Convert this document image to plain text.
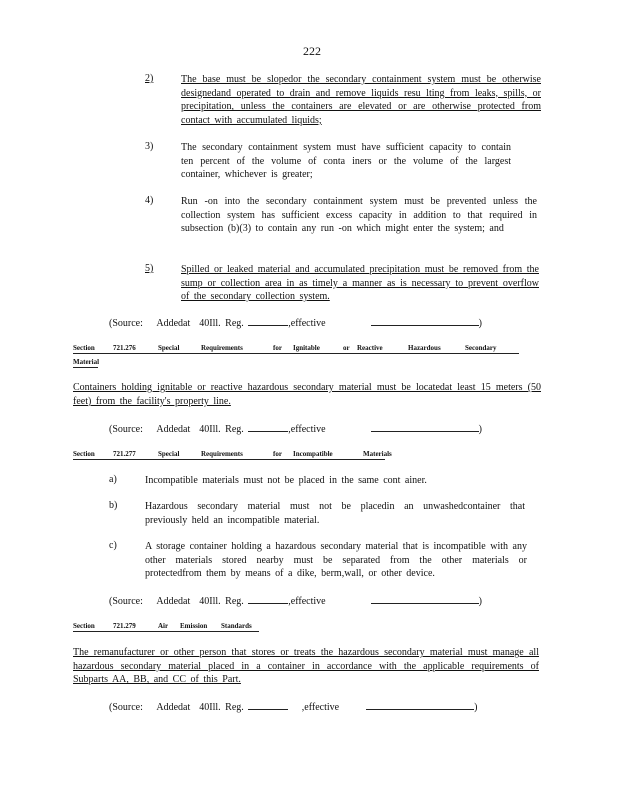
222
2)	The base must be slopedor the secondary containment system must be otherwise designedand operated to drain and remove liquids resu lting from leaks, spills, or precipitation, unless the containers are elevated or are otherwise protected from contact with accumulated liquids;
3)	The secondary containment system must have sufficient capacity to contain ten percent of the volume of conta iners or the volume of the largest container, whichever is greater;
4)	Run -on into the secondary containment system must be prevented unless the collection system has sufficient excess capacity in addition to that required in subsection (b)(3) to contain any run -on which might enter the system; and
5)	Spilled or leaked material and accumulated precipitation must be removed from the sump or collection area in as timely a manner as is necessary to prevent overflow of the secondary collection system.
(Source: Addedat 40Ill. Reg.	,effective	)
Section	721.276	Special	Requirements	for Ignitable	or Reactive	Hazardous	Secondary
Material
Containers holding ignitable or reactive hazardous secondary material must be locatedat least 15 meters (50 feet) from the facility's property line.
(Source: Addedat 40Ill. Reg.	,effective	)
Section	721.277	Special	Requirements	for Incompatible	Materials
a)	Incompatible materials must not be placed in the same cont ainer.
b)	Hazardous secondary material must not be placedin an unwashedcontainer that previously held an incompatible material.
c)	A storage container holding a hazardous secondary material that is incompatible with any other materials stored nearby must be separated from the other materials or protectedfrom them by means of a dike, berm,wall, or other device.
(Source: Addedat 40Ill. Reg.	,effective	)
Section	721.279	Air Emission Standards
The remanufacturer or other person that stores or treats the hazardous secondary material must manage all hazardous secondary material placed in a container in accordance with the applicable requirements of Subparts AA, BB, and CC of this Part.
(Source: Addedat 40Ill. Reg.	,effective	)
